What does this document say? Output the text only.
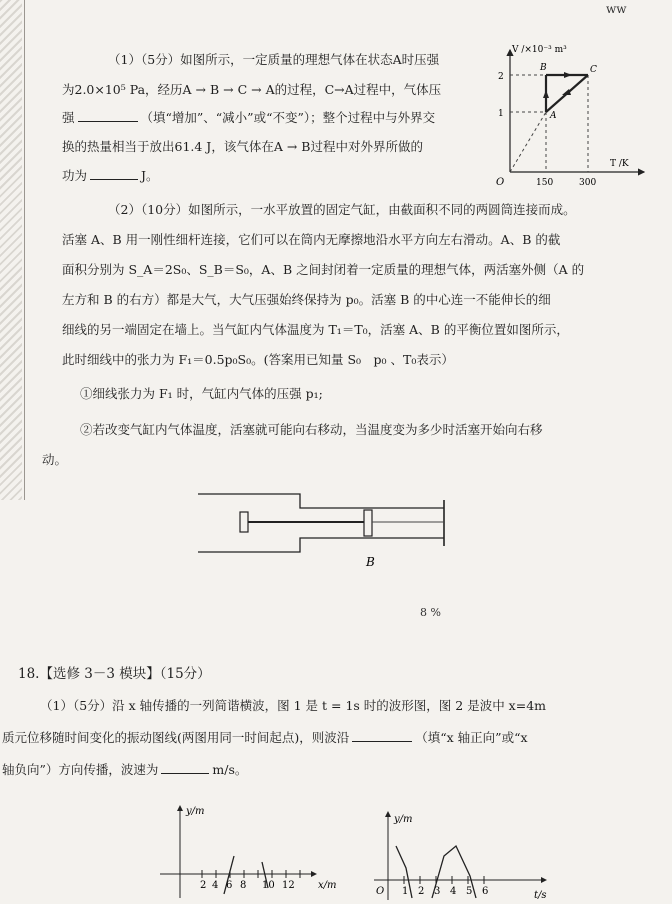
ww

（1）（5分）如图所示，一定质量的理想气体在状态A时压强

为2.0×10⁵ Pa，经历A → B → C → A的过程，C→A过程中，气体压

强	（填“增加”、“减小”或“不变”）；整个过程中与外界交

换的热量相当于放出61.4 J，该气体在A → B过程中对外界所做的

功为	J。

V /×10⁻³ m³
T /K
2
1
150	300
O
A
B	C

（2）（10分）如图所示，一水平放置的固定气缸，由截面积不同的两圆筒连接而成。

活塞 A、B 用一刚性细杆连接，它们可以在筒内无摩擦地沿水平方向左右滑动。A、B 的截

面积分别为 S_A＝2S₀、S_B＝S₀，A、B 之间封闭着一定质量的理想气体，两活塞外侧（A 的

左方和 B 的右方）都是大气，大气压强始终保持为 p₀。活塞 B 的中心连一不能伸长的细

细线的另一端固定在墙上。当气缸内气体温度为 T₁＝T₀，活塞 A、B 的平衡位置如图所示，

此时细线中的张力为 F₁＝0.5p₀S₀。(答案用已知量 S₀　p₀ 、T₀表示）

①细线张力为 F₁ 时，气缸内气体的压强 p₁;

②若改变气缸内气体温度，活塞就可能向右移动，当温度变为多少时活塞开始向右移

动。

B
8 %
18.【选修 3－3 模块】（15分）

（1）（5分）沿 x 轴传播的一列简谐横波，图 1 是 t = 1s 时的波形图，图 2 是波中 x=4m

质元位移随时间变化的振动图线(两图用同一时间起点)，则波沿	（填“x 轴正向”或“x

轴负向”）方向传播，波速为	m/s。

y/m
x/m
2 4 6 8 10 12
y/m
t/s
O 1 2 3 4 5 6
